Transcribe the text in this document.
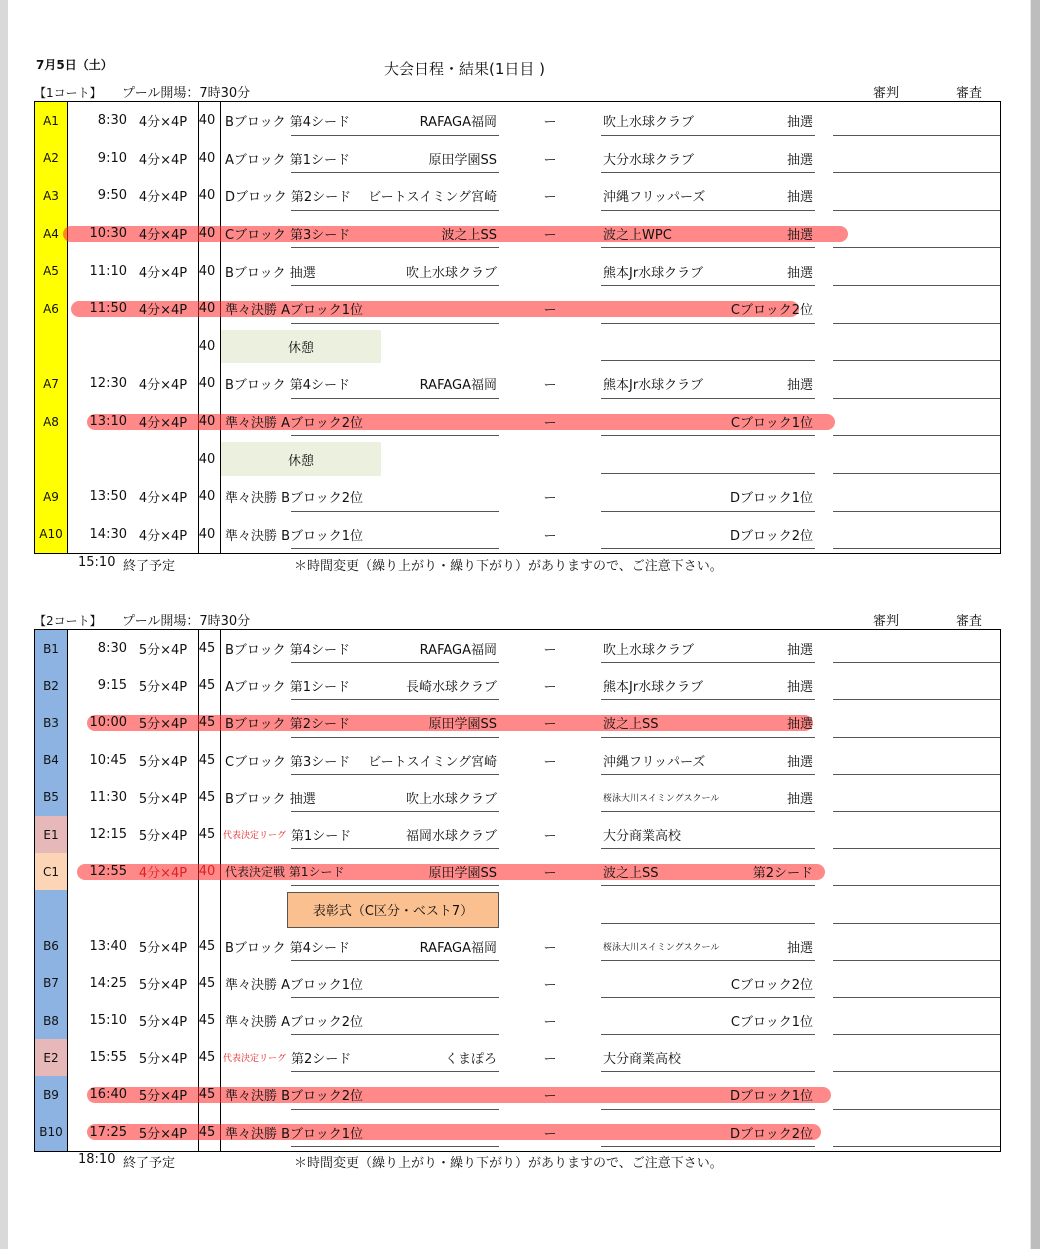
7月5日（土）	大会日程・結果(1日目 )
【1コート】 プール開場：7時30分	審判	審査
A1	8:30 4分×4P 40 Bブロック 第4シード	RAFAGA福岡	ー	吹上水球クラブ	抽選
A2	9:10 4分×4P 40 Aブロック 第1シード	原田学園SS	ー	大分水球クラブ	抽選
A3	9:50 4分×4P 40 Dブロック 第2シード	ビートスイミング宮崎	ー	沖縄フリッパーズ	抽選
A4	10:30 4分×4P 40 Cブロック 第3シード	波之上SS	ー	波之上WPC	抽選
A5	11:10 4分×4P 40 Bブロック 抽選	吹上水球クラブ	熊本Jr水球クラブ	抽選
A6	11:50 4分×4P 40 準々決勝 Aブロック1位	ー	Cブロック2位
40	休憩
A7	12:30 4分×4P 40 Bブロック 第4シード	RAFAGA福岡	ー	熊本Jr水球クラブ	抽選
A8	13:10 4分×4P 40 準々決勝 Aブロック2位	ー	Cブロック1位
40	休憩
A9	13:50 4分×4P 40 準々決勝 Bブロック2位	ー	Dブロック1位
A10	14:30 4分×4P 40 準々決勝 Bブロック1位	ー	Dブロック2位
15:10 終了予定	＊時間変更（繰り上がり・繰り下がり）がありますので、ご注意下さい。
【2コート】 プール開場：7時30分	審判	審査
B1	8:30 5分×4P 45 Bブロック 第4シード	RAFAGA福岡	ー	吹上水球クラブ	抽選
B2	9:15 5分×4P 45 Aブロック 第1シード	長崎水球クラブ	ー	熊本Jr水球クラブ	抽選
B3	10:00 5分×4P 45 Bブロック 第2シード	原田学園SS	ー	波之上SS	抽選
B4	10:45 5分×4P 45 Cブロック 第3シード	ビートスイミング宮崎	ー	沖縄フリッパーズ	抽選
B5	11:30 5分×4P 45 Bブロック 抽選	吹上水球クラブ	桜泳大川スイミングスクール	抽選
E1	12:15 5分×4P 45 代表決定リーグ 第1シード	福岡水球クラブ	ー	大分商業高校
C1	12:55 4分×4P 40 代表決定戦 第1シード	原田学園SS	ー	波之上SS	第2シード
表彰式（C区分・ベスト7）
B6	13:40 5分×4P 45 Bブロック 第4シード	RAFAGA福岡	ー	桜泳大川スイミングスクール	抽選
B7	14:25 5分×4P 45 準々決勝 Aブロック1位	ー	Cブロック2位
B8	15:10 5分×4P 45 準々決勝 Aブロック2位	ー	Cブロック1位
E2	15:55 5分×4P 45 代表決定リーグ 第2シード	くまぽろ	ー	大分商業高校
B9	16:40 5分×4P 45 準々決勝 Bブロック2位	ー	Dブロック1位
B10	17:25 5分×4P 45 準々決勝 Bブロック1位	ー	Dブロック2位
18:10 終了予定	＊時間変更（繰り上がり・繰り下がり）がありますので、ご注意下さい。
